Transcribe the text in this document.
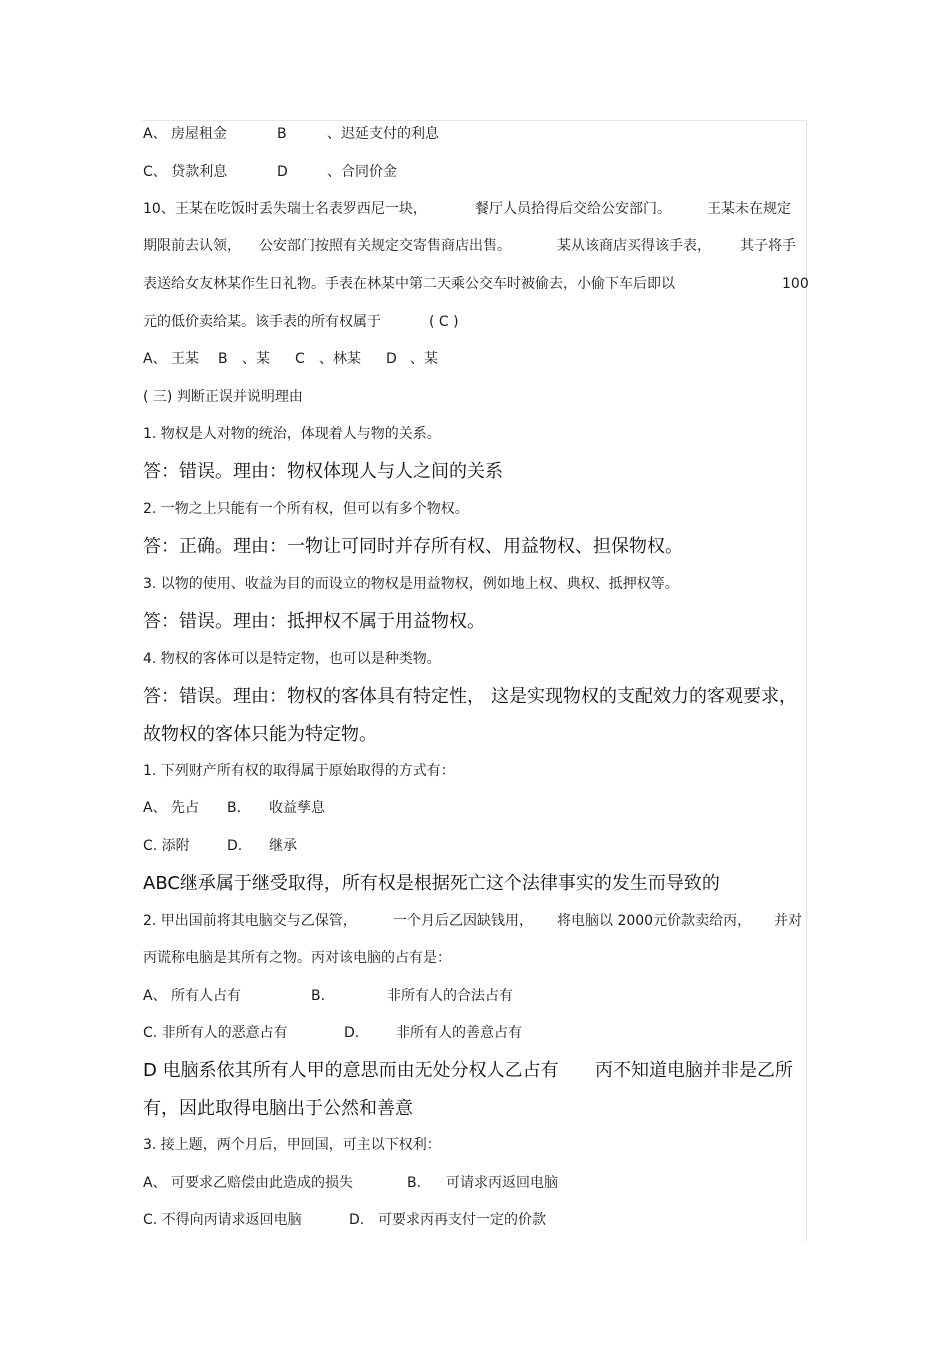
A、 房屋租金	B	、迟延支付的利息
C、 贷款利息	D	、合同价金
10、王某在吃饭时丢失瑞士名表罗西尼一块，	餐厅人员拾得后交给公安部门。	王某未在规定
期限前去认领， 公安部门按照有关规定交寄售商店出售。	某从该商店买得该手表， 其子将手
表送给女友林某作生日礼物。手表在林某中第二天乘公交车时被偷去，小偷下车后即以	100
元的低价卖给某。该手表的所有权属于	( C )
A、 王某 B 、某 C 、林某 D 、某
( 三) 判断正误并说明理由
1. 物权是人对物的统治，体现着人与物的关系。
答：错误。理由：物权体现人与人之间的关系
2. 一物之上只能有一个所有权，但可以有多个物权。
答：正确。理由：一物让可同时并存所有权、用益物权、担保物权。
3. 以物的使用、收益为目的而设立的物权是用益物权，例如地上权、典权、抵押权等。
答：错误。理由：抵押权不属于用益物权。
4. 物权的客体可以是特定物，也可以是种类物。
答：错误。理由：物权的客体具有特定性， 这是实现物权的支配效力的客观要求，
故物权的客体只能为特定物。
1. 下列财产所有权的取得属于原始取得的方式有：
A、 先占 B. 收益孳息
C. 添附	D. 继承
ABC继承属于继受取得，所有权是根据死亡这个法律事实的发生而导致的
2. 甲出国前将其电脑交与乙保管，	一个月后乙因缺钱用， 将电脑以 2000元价款卖给丙， 并对
丙谎称电脑是其所有之物。丙对该电脑的占有是：
A、 所有人占有	B.	非所有人的合法占有
C. 非所有人的恶意占有	D.	非所有人的善意占有
D 电脑系依其所有人甲的意思而由无处分权人乙占有 丙不知道电脑并非是乙所
有，因此取得电脑出于公然和善意
3. 接上题，两个月后，甲回国，可主以下权利：
A、 可要求乙赔偿由此造成的损失	B. 可请求丙返回电脑
C. 不得向丙请求返回电脑	D. 可要求丙再支付一定的价款
